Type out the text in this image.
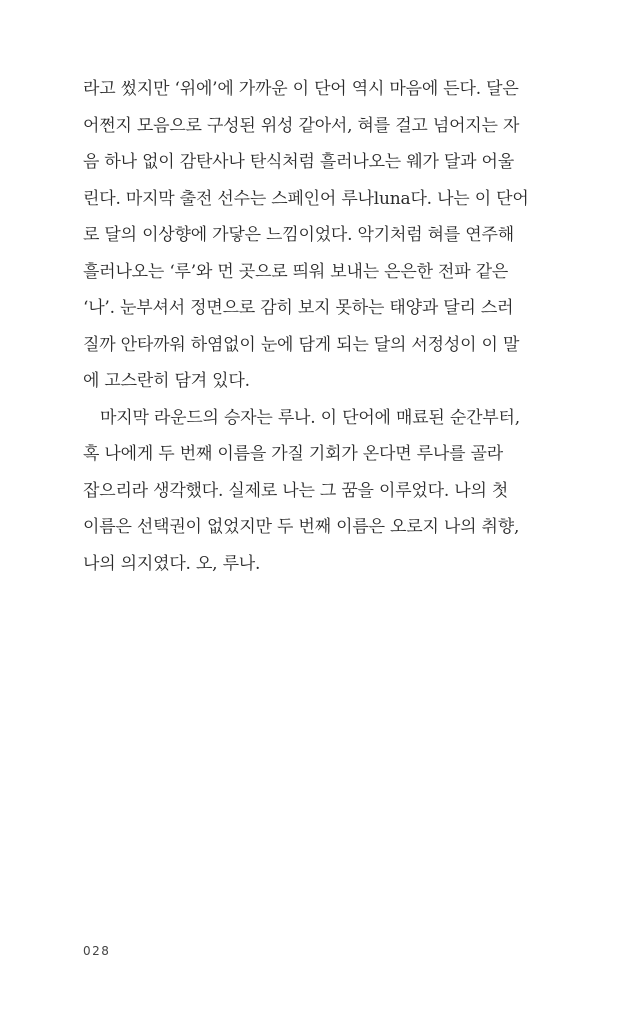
라고 썼지만 ‘위에’에 가까운 이 단어 역시 마음에 든다. 달은
어쩐지 모음으로 구성된 위성 같아서, 혀를 걸고 넘어지는 자
음 하나 없이 감탄사나 탄식처럼 흘러나오는 웨가 달과 어울
린다. 마지막 출전 선수는 스페인어 루나luna다. 나는 이 단어
로 달의 이상향에 가닿은 느낌이었다. 악기처럼 혀를 연주해
흘러나오는 ‘루’와 먼 곳으로 띄워 보내는 은은한 전파 같은
‘나’. 눈부셔서 정면으로 감히 보지 못하는 태양과 달리 스러
질까 안타까워 하염없이 눈에 담게 되는 달의 서정성이 이 말
에 고스란히 담겨 있다.
마지막 라운드의 승자는 루나. 이 단어에 매료된 순간부터,
혹 나에게 두 번째 이름을 가질 기회가 온다면 루나를 골라
잡으리라 생각했다. 실제로 나는 그 꿈을 이루었다. 나의 첫
이름은 선택권이 없었지만 두 번째 이름은 오로지 나의 취향,
나의 의지였다. 오, 루나.
028
